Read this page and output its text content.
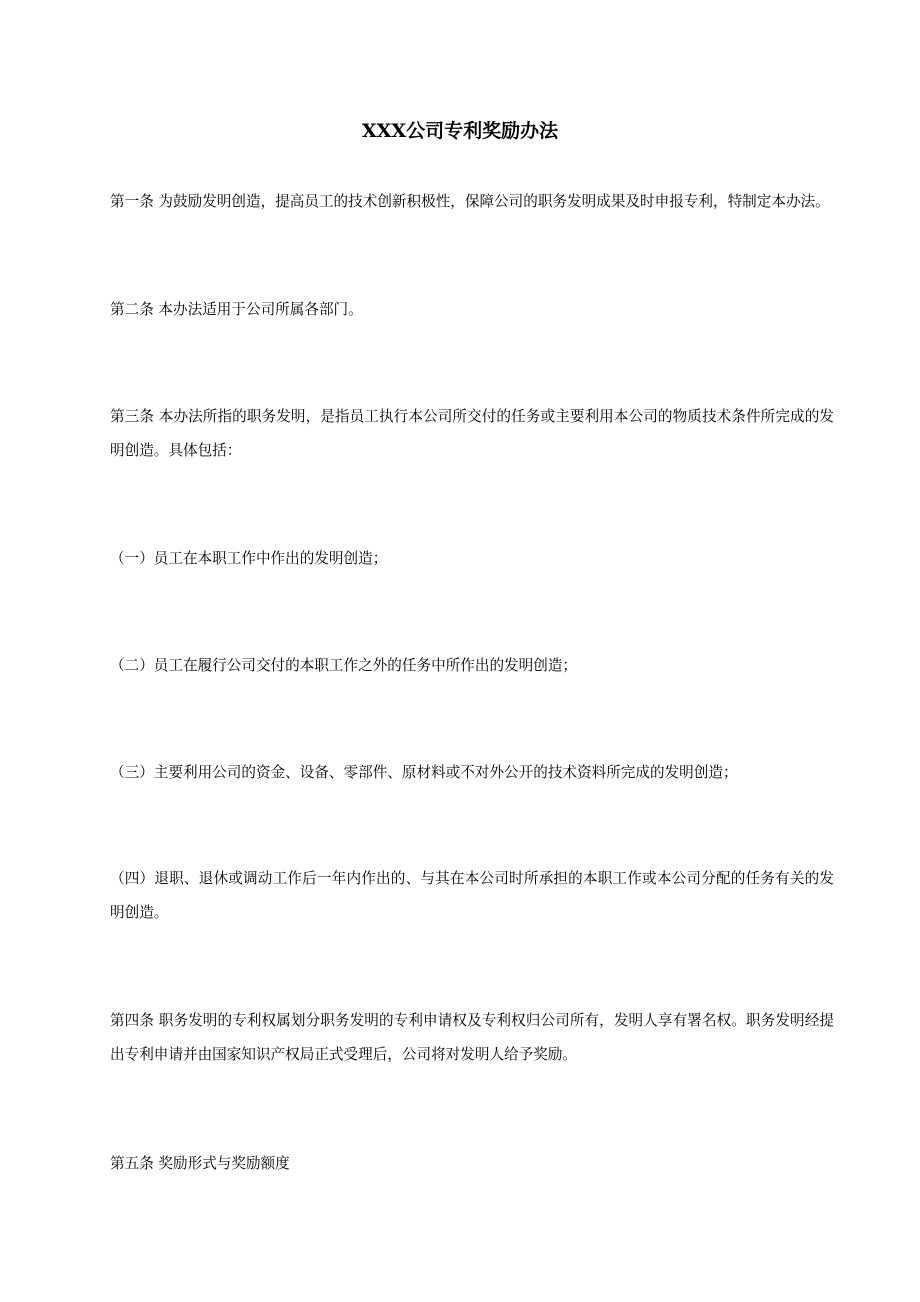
XXX公司专利奖励办法

第一条 为鼓励发明创造，提高员工的技术创新积极性，保障公司的职务发明成果及时申报专利，特制定本办法。

第二条 本办法适用于公司所属各部门。

第三条 本办法所指的职务发明，是指员工执行本公司所交付的任务或主要利用本公司的物质技术条件所完成的发明创造。具体包括：

（一）员工在本职工作中作出的发明创造；

（二）员工在履行公司交付的本职工作之外的任务中所作出的发明创造；

（三）主要利用公司的资金、设备、零部件、原材料或不对外公开的技术资料所完成的发明创造；

（四）退职、退休或调动工作后一年内作出的、与其在本公司时所承担的本职工作或本公司分配的任务有关的发明创造。

第四条 职务发明的专利权属划分职务发明的专利申请权及专利权归公司所有，发明人享有署名权。职务发明经提出专利申请并由国家知识产权局正式受理后，公司将对发明人给予奖励。

第五条 奖励形式与奖励额度
